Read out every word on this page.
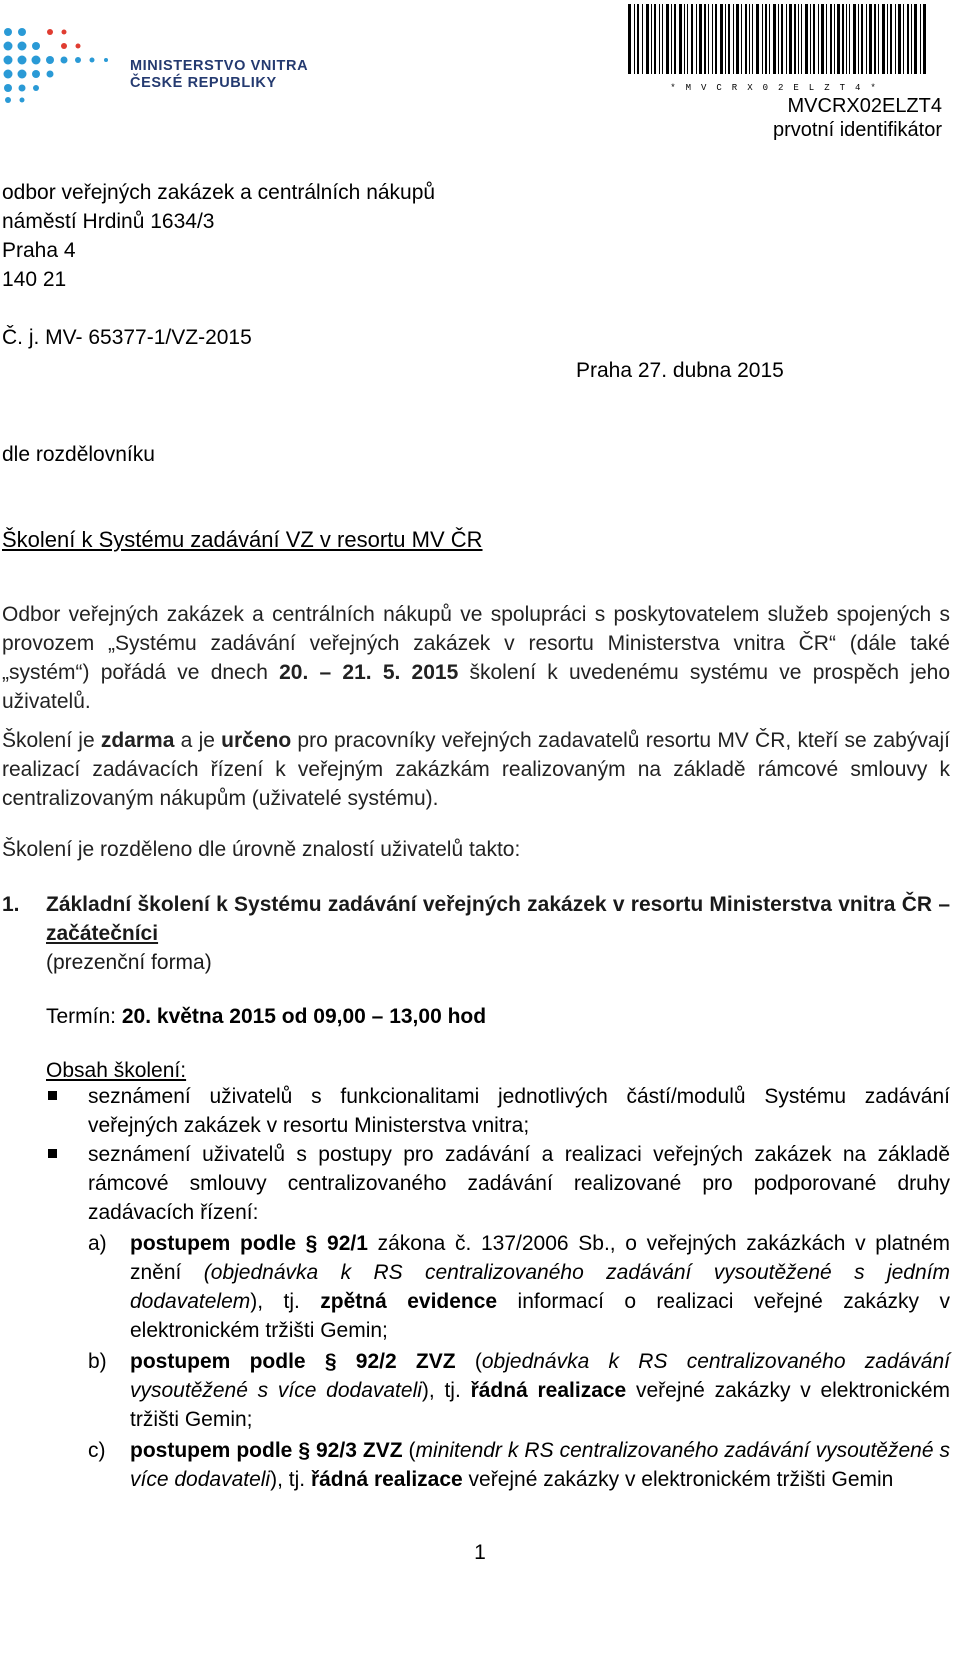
MINISTERSTVO VNITRA
ČESKÉ REPUBLIKY	*MVCRX02ELZT4*
MVCRX02ELZT4
prvotní identifikátor
odbor veřejných zakázek a centrálních nákupů
náměstí Hrdinů 1634/3
Praha 4
140 21
Č. j. MV- 65377-1/VZ-2015
Praha 27. dubna 2015
dle rozdělovníku
Školení k Systému zadávání VZ v resortu MV ČR
Odbor veřejných zakázek a centrálních nákupů ve spolupráci s poskytovatelem služeb spojených s provozem „Systému zadávání veřejných zakázek v resortu Ministerstva vnitra ČR“ (dále také „systém“) pořádá ve dnech 20. – 21. 5. 2015 školení k uvedenému systému ve prospěch jeho uživatelů.
Školení je zdarma a je určeno pro pracovníky veřejných zadavatelů resortu MV ČR, kteří se zabývají realizací zadávacích řízení k veřejným zakázkám realizovaným na základě rámcové smlouvy k centralizovaným nákupům (uživatelé systému).
Školení je rozděleno dle úrovně znalostí uživatelů takto:
1. Základní školení k Systému zadávání veřejných zakázek v resortu Ministerstva vnitra ČR – začátečníci
(prezenční forma)
Termín: 20. května 2015 od 09,00 – 13,00 hod
Obsah školení:
seznámení uživatelů s funkcionalitami jednotlivých částí/modulů Systému zadávání veřejných zakázek v resortu Ministerstva vnitra;
seznámení uživatelů s postupy pro zadávání a realizaci veřejných zakázek na základě rámcové smlouvy centralizovaného zadávání realizované pro podporované druhy zadávacích řízení:
a) postupem podle § 92/1 zákona č. 137/2006 Sb., o veřejných zakázkách v platném znění (objednávka k RS centralizovaného zadávání vysoutěžené s jedním dodavatelem), tj. zpětná evidence informací o realizaci veřejné zakázky v elektronickém tržišti Gemin;
b) postupem podle § 92/2 ZVZ (objednávka k RS centralizovaného zadávání vysoutěžené s více dodavateli), tj. řádná realizace veřejné zakázky v elektronickém tržišti Gemin;
c) postupem podle § 92/3 ZVZ (minitendr k RS centralizovaného zadávání vysoutěžené s více dodavateli), tj. řádná realizace veřejné zakázky v elektronickém tržišti Gemin
1
